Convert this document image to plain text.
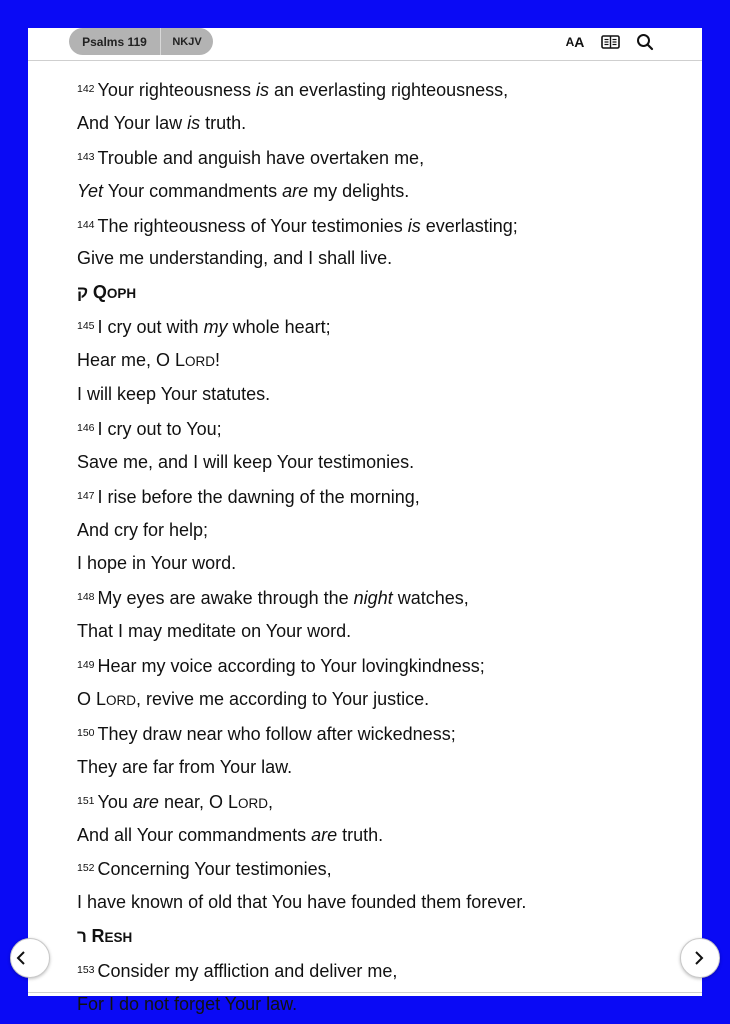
Psalms 119	NKJV	A A
$^{142}$ Your righteousness is an everlasting righteousness,
And Your law is truth.
$^{143}$ Trouble and anguish have overtaken me,
Yet Your commandments are my delights.
$^{144}$ The righteousness of Your testimonies is everlasting;
Give me understanding, and I shall live.
ק QOPH
$^{145}$ I cry out with my whole heart;
Hear me, O LORD!
I will keep Your statutes.
$^{146}$ I cry out to You;
Save me, and I will keep Your testimonies.
$^{147}$ I rise before the dawning of the morning,
And cry for help;
I hope in Your word.
$^{148}$ My eyes are awake through the night watches,
That I may meditate on Your word.
$^{149}$ Hear my voice according to Your lovingkindness;
O LORD, revive me according to Your justice.
$^{150}$ They draw near who follow after wickedness;
They are far from Your law.
$^{151}$ You are near, O LORD,
And all Your commandments are truth.
$^{152}$ Concerning Your testimonies,
I have known of old that You have founded them forever.
ר RESH
$^{153}$ Consider my affliction and deliver me,
For I do not forget Your law.
